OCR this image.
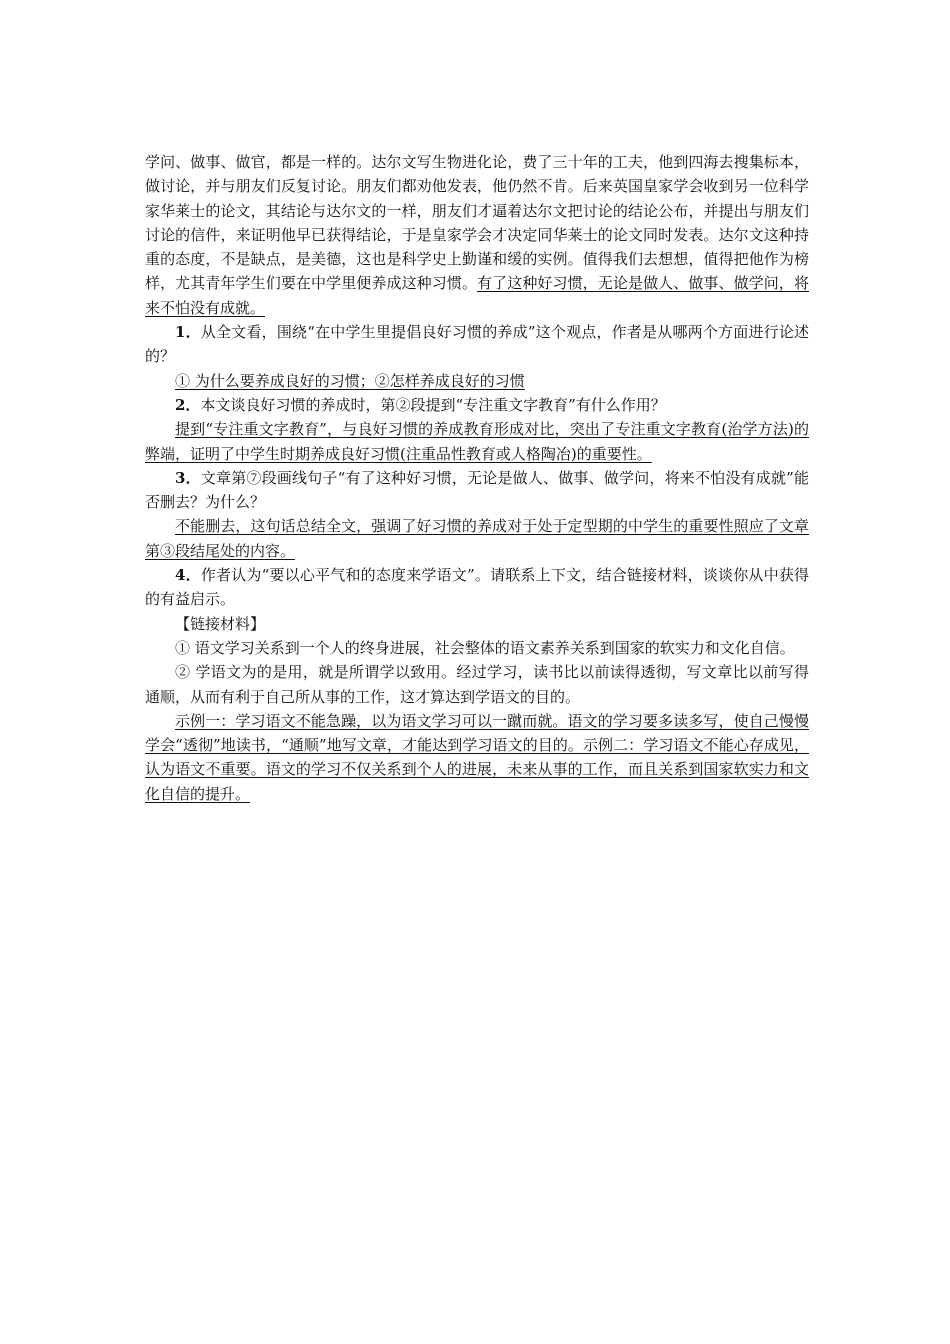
学问、做事、做官，都是一样的。达尔文写生物进化论，费了三十年的工夫，他到四海去搜集标本，做讨论，并与朋友们反复讨论。朋友们都劝他发表，他仍然不肯。后来英国皇家学会收到另一位科学家华莱士的论文，其结论与达尔文的一样，朋友们才逼着达尔文把讨论的结论公布，并提出与朋友们讨论的信件，来证明他早已获得结论，于是皇家学会才决定同华莱士的论文同时发表。达尔文这种持重的态度，不是缺点，是美德，这也是科学史上勤谨和缓的实例。值得我们去想想，值得把他作为榜样，尤其青年学生们要在中学里便养成这种习惯。有了这种好习惯，无论是做人、做事、做学问，将来不怕没有成就。

1．从全文看，围绕“在中学生里提倡良好习惯的养成”这个观点，作者是从哪两个方面进行论述的？

① 为什么要养成良好的习惯；②怎样养成良好的习惯

2．本文谈良好习惯的养成时，第②段提到“专注重文字教育”有什么作用？

提到“专注重文字教育”，与良好习惯的养成教育形成对比，突出了专注重文字教育(治学方法)的弊端，证明了中学生时期养成良好习惯(注重品性教育或人格陶冶)的重要性。

3．文章第⑦段画线句子“有了这种好习惯，无论是做人、做事、做学问，将来不怕没有成就”能否删去？为什么？

不能删去，这句话总结全文，强调了好习惯的养成对于处于定型期的中学生的重要性照应了文章第③段结尾处的内容。

4．作者认为“要以心平气和的态度来学语文”。请联系上下文，结合链接材料，谈谈你从中获得的有益启示。

【链接材料】

① 语文学习关系到一个人的终身进展，社会整体的语文素养关系到国家的软实力和文化自信。

② 学语文为的是用，就是所谓学以致用。经过学习，读书比以前读得透彻，写文章比以前写得通顺，从而有利于自己所从事的工作，这才算达到学语文的目的。

示例一：学习语文不能急躁，以为语文学习可以一蹴而就。语文的学习要多读多写，使自己慢慢学会“透彻”地读书，“通顺”地写文章，才能达到学习语文的目的。示例二：学习语文不能心存成见，认为语文不重要。语文的学习不仅关系到个人的进展，未来从事的工作，而且关系到国家软实力和文化自信的提升。
